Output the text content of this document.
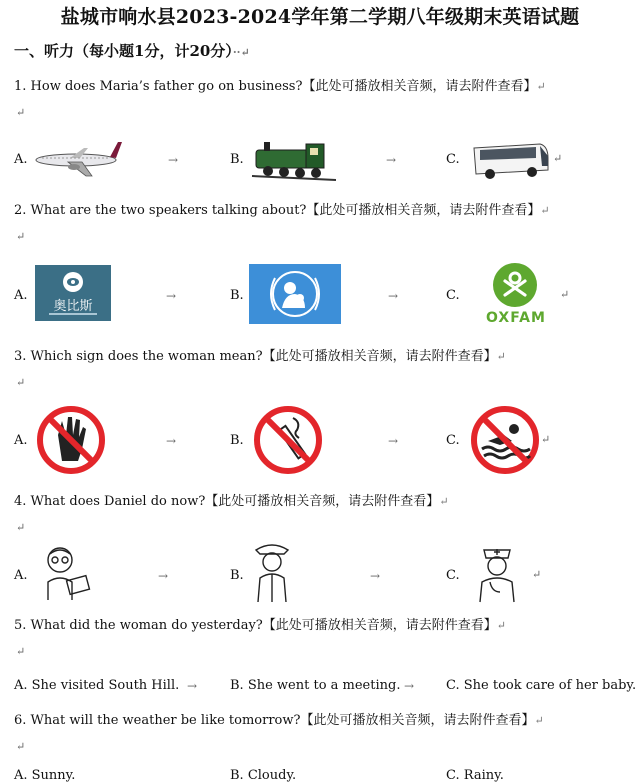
盐城市响水县2023-2024学年第二学期八年级期末英语试题
一、听力（每小题1分，计20分）··↵
1. How does Maria’s father go on business?【此处可播放相关音频，请去附件查看】↵
↵
A.	→	B.	→	C.	↵
2. What are the two speakers talking about?【此处可播放相关音频，请去附件查看】↵
↵
A.
奥比斯
→	B.	→	C.
OXFAM
↵
3. Which sign does the woman mean?【此处可播放相关音频，请去附件查看】↵
↵
A.	→	B.	→	C.	↵
4. What does Daniel do now?【此处可播放相关音频，请去附件查看】↵
↵
A.	→	B.	→	C.	↵
5. What did the woman do yesterday?【此处可播放相关音频，请去附件查看】↵
↵
A. She visited South Hill. →	B. She went to a meeting. → C. She took care of her baby.
6. What will the weather be like tomorrow?【此处可播放相关音频，请去附件查看】↵
↵
A. Sunny.	B. Cloudy.	C. Rainy.
